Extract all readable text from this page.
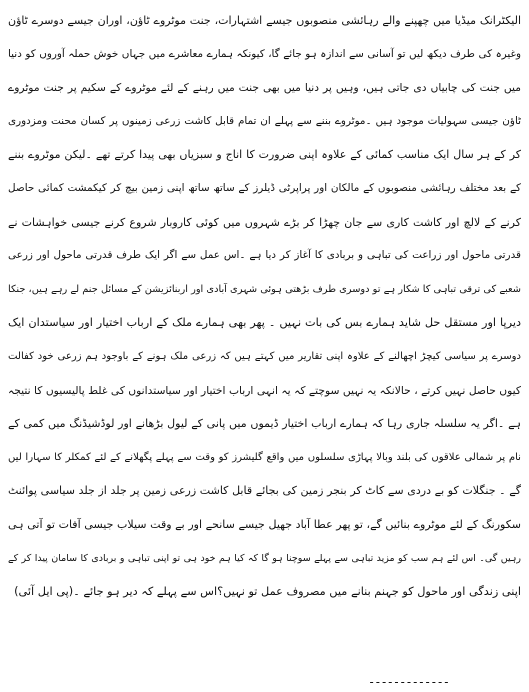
الیکٹرانک میڈیا میں چھپنے والے رہائشی منصوبوں جیسے اشتہارات، جنت موٹروے ٹاؤن، اوران جیسے دوسرے ٹاؤن
وغیرہ کی طرف دیکھ لیں تو آسانی سے اندازہ ہو جائے گا، کیونکہ ہمارے معاشرے میں جہاں خوش حملہ آوروں کو دنیا
میں جنت کی چابیاں دی جاتی ہیں، وہیں پر دنیا میں بھی جنت میں رہنے کے لئے موٹروے کے سکیم پر جنت موٹروے
ٹاؤن جیسی سہولیات موجود ہیں ۔موٹروے بننے سے پہلے ان تمام قابل کاشت زرعی زمینوں پر کسان محنت ومزدوری
کر کے ہر سال ایک مناسب کمائی کے علاوہ اپنی ضرورت کا اناج و سبزیاں بھی پیدا کرتے تھے ۔لیکن موٹروے بننے
کے بعد مختلف رہائشی منصوبوں کے مالکان اور پراپرٹی ڈیلرز کے ساتھ ساتھ اپنی زمین بیچ کر کیکمشت کمائی حاصل
کرنے کے لالچ اور کاشت کاری سے جان چھڑا کر بڑے شہروں میں کوئی کاروبار شروع کرنے جیسی خواہشات نے
قدرتی ماحول اور زراعت کی تباہی و بربادی کا آغاز کر دیا ہے ۔اس عمل سے اگر ایک طرف قدرتی ماحول اور زرعی
شعبے کی ترقی تباہی کا شکار ہے تو دوسری طرف بڑھتی ہوئی شہری آبادی اور اربنائزیشن کے مسائل جنم لے رہے ہیں، جنکا
دیرپا اور مستقل حل شاید ہمارے بس کی بات نہیں ۔ پھر بھی ہمارے ملک کے ارباب اختیار اور سیاستدان ایک
دوسرے پر سیاسی کیچڑ اچھالنے کے علاوہ اپنی تقاریر میں کہتے ہیں کہ زرعی ملک ہونے کے باوجود ہم زرعی خود کفالت
کیوں حاصل نہیں کرتے ، حالانکہ یہ نہیں سوچتے کہ یہ انہی ارباب اختیار اور سیاستدانوں کی غلط پالیسیوں کا نتیجہ
ہے ۔اگر یہ سلسلہ جاری رہا کہ ہمارے ارباب اختیار ڈیموں میں پانی کے لیول بڑھانے اور لوڈشیڈنگ میں کمی کے
نام پر شمالی علاقوں کی بلند وبالا پہاڑی سلسلوں میں واقع گلیشرز کو وقت سے پہلے پگھلانے کے لئے کمکلر کا سہارا لیں
گے ۔ جنگلات کو بے دردی سے کاٹ کر بنجر زمین کی بجائے قابل کاشت زرعی زمین پر جلد از جلد سیاسی پوائنٹ
سکورنگ کے لئے موٹروے بنائیں گے، تو پھر عطا آباد جھیل جیسے سانحے اور بے وقت سیلاب جیسی آفات تو آتی ہی
رہیں گی۔ اس لئے ہم سب کو مزید تباہی سے پہلے سوچنا ہو گا کہ کیا ہم خود ہی تو اپنی تباہی و بربادی کا سامان پیدا کر کے
اپنی زندگی اور ماحول کو جہنم بنانے میں مصروف عمل تو نہیں؟اس سے پہلے کہ دیر ہو جائے ۔(پی ایل آئی)
-------------
